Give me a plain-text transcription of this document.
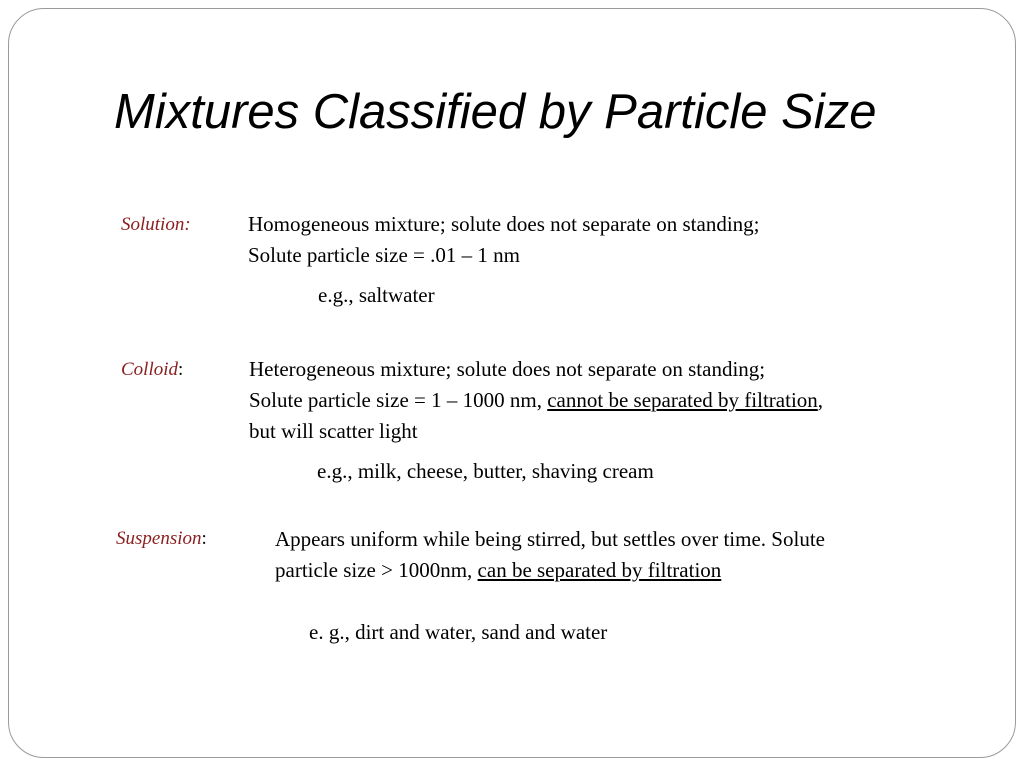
Mixtures Classified by Particle Size
Solution:	Homogeneous mixture; solute does not separate on standing;
Solute particle size = .01 – 1 nm
e.g., saltwater
Colloid:	Heterogeneous mixture; solute does not separate on standing;
Solute particle size = 1 – 1000 nm, cannot be separated by filtration,
but will scatter light
e.g., milk, cheese, butter, shaving cream
Suspension:	Appears uniform while being stirred, but settles over time. Solute
particle size > 1000nm, can be separated by filtration
e. g., dirt and water, sand and water
